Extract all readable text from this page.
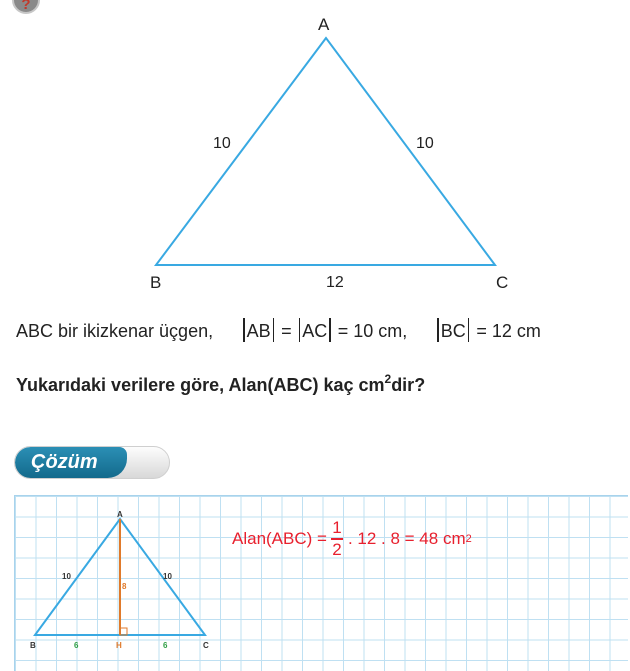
?
A
B	C
10	10
12
ABC bir ikizkenar üçgen, AB = AC = 10 cm, BC = 12 cm
Yukarıdaki verilere göre, Alan(ABC) kaç $cm^2dir$?
Çözüm
A
B	C
H
10	10
8
6	6
Alan(ABC) = $\frac{1}{2}$ . 12 . 8 = 48 cm 2
